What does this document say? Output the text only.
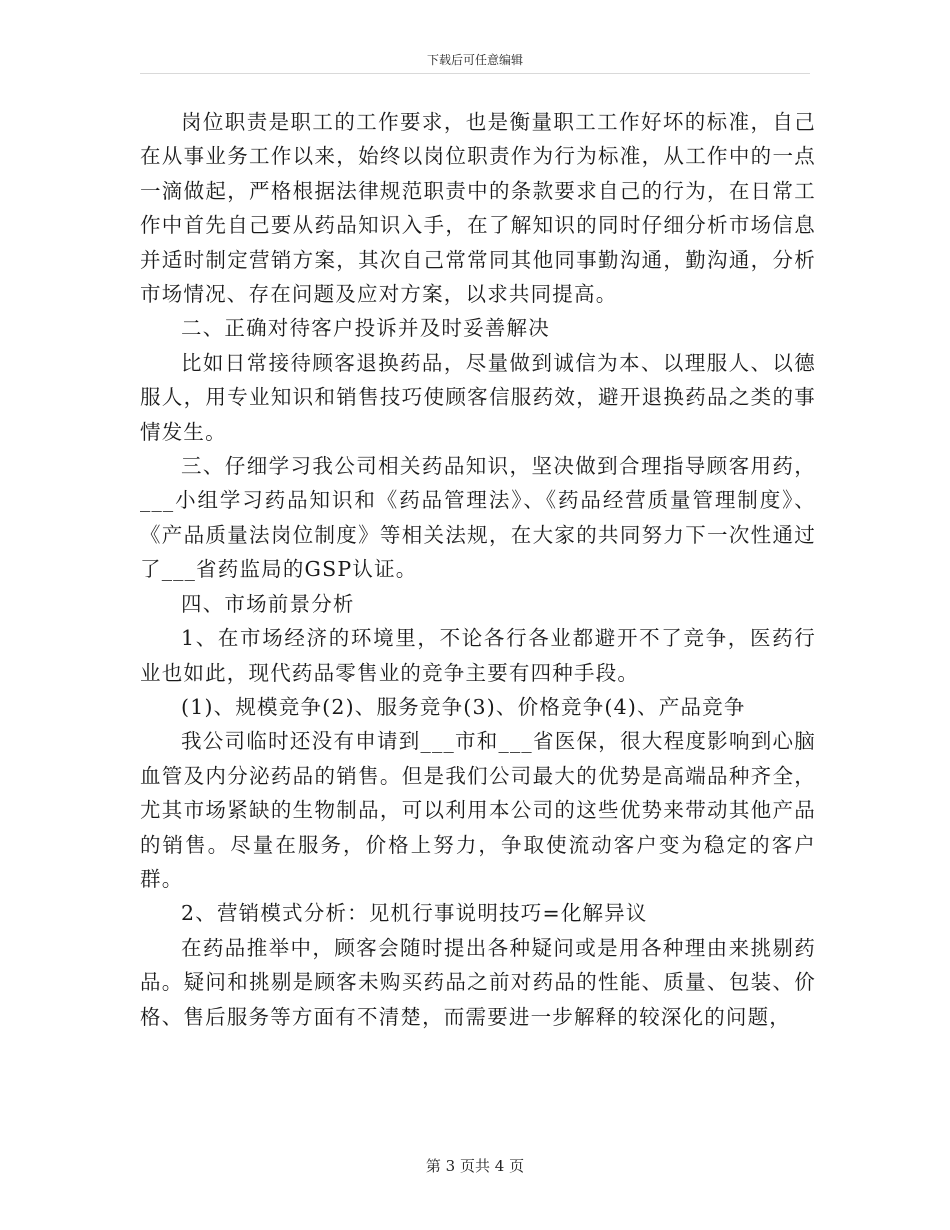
下载后可任意编辑

岗位职责是职工的工作要求，也是衡量职工工作好坏的标准，自己在从事业务工作以来，始终以岗位职责作为行为标准，从工作中的一点一滴做起，严格根据法律规范职责中的条款要求自己的行为，在日常工作中首先自己要从药品知识入手，在了解知识的同时仔细分析市场信息并适时制定营销方案，其次自己常常同其他同事勤沟通，勤沟通，分析市场情况、存在问题及应对方案，以求共同提高。

二、正确对待客户投诉并及时妥善解决

比如日常接待顾客退换药品，尽量做到诚信为本、以理服人、以德服人，用专业知识和销售技巧使顾客信服药效，避开退换药品之类的事情发生。

三、仔细学习我公司相关药品知识，坚决做到合理指导顾客用药，___小组学习药品知识和《药品管理法》、《药品经营质量管理制度》、《产品质量法岗位制度》等相关法规，在大家的共同努力下一次性通过了___省药监局的GSP认证。

四、市场前景分析

1、在市场经济的环境里，不论各行各业都避开不了竞争，医药行业也如此，现代药品零售业的竞争主要有四种手段。

(1)、规模竞争(2)、服务竞争(3)、价格竞争(4)、产品竞争

我公司临时还没有申请到___市和___省医保，很大程度影响到心脑血管及内分泌药品的销售。但是我们公司最大的优势是高端品种齐全，尤其市场紧缺的生物制品，可以利用本公司的这些优势来带动其他产品的销售。尽量在服务，价格上努力，争取使流动客户变为稳定的客户群。

2、营销模式分析：见机行事说明技巧=化解异议

在药品推举中，顾客会随时提出各种疑问或是用各种理由来挑剔药品。疑问和挑剔是顾客未购买药品之前对药品的性能、质量、包装、价格、售后服务等方面有不清楚，而需要进一步解释的较深化的问题，

第 3 页共 4 页
